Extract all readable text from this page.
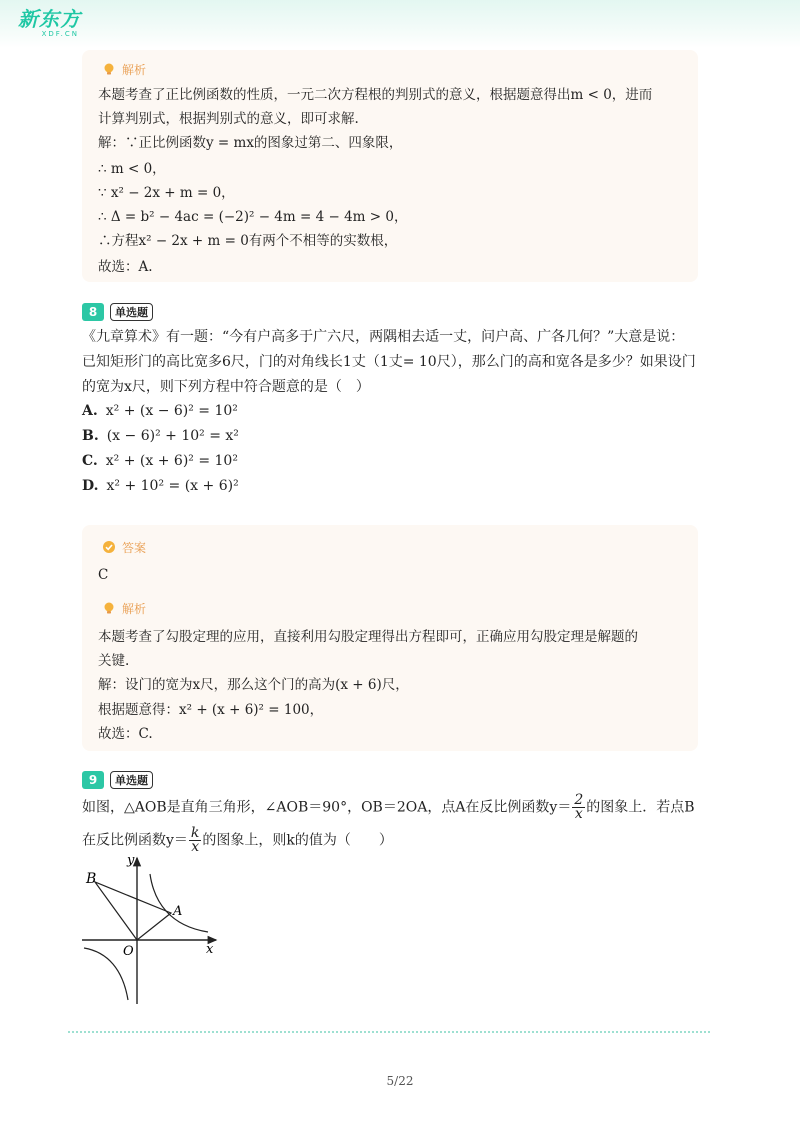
新东方
XDF.CN
解析
本题考查了正比例函数的性质，一元二次方程根的判别式的意义，根据题意得出m < 0，进而
计算判别式，根据判别式的意义，即可求解.
解：∵正比例函数y = mx的图象过第二、四象限，
∴ m < 0，
∵ x² − 2x + m = 0，
∴ Δ = b² − 4ac = (−2)² − 4m = 4 − 4m > 0，
∴方程x² − 2x + m = 0有两个不相等的实数根，
故选：A.
8	单选题
《九章算术》有一题：“今有户高多于广六尺，两隅相去适一丈，问户高、广各几何？”大意是说：
已知矩形门的高比宽多6尺，门的对角线长1丈（1丈= 10尺），那么门的高和宽各是多少？如果设门
的宽为x尺，则下列方程中符合题意的是（　）
A. x² + (x − 6)² = 10²
B. (x − 6)² + 10² = x²
C. x² + (x + 6)² = 10²
D. x² + 10² = (x + 6)²
答案
解析
C
本题考查了勾股定理的应用，直接利用勾股定理得出方程即可，正确应用勾股定理是解题的
关键.
解：设门的宽为x尺，那么这个门的高为(x + 6)尺，
根据题意得：x² + (x + 6)² = 100，
故选：C.
9	单选题
如图，△AOB是直角三角形，∠AOB＝90°，OB＝2OA，点A在反比例函数$y= \frac{2}{x}$ 的图象上．若点B
在反比例函数$y= \frac{k}{x}$ 的图象上，则k的值为（　　）
B
A
O	x
y
5/22
